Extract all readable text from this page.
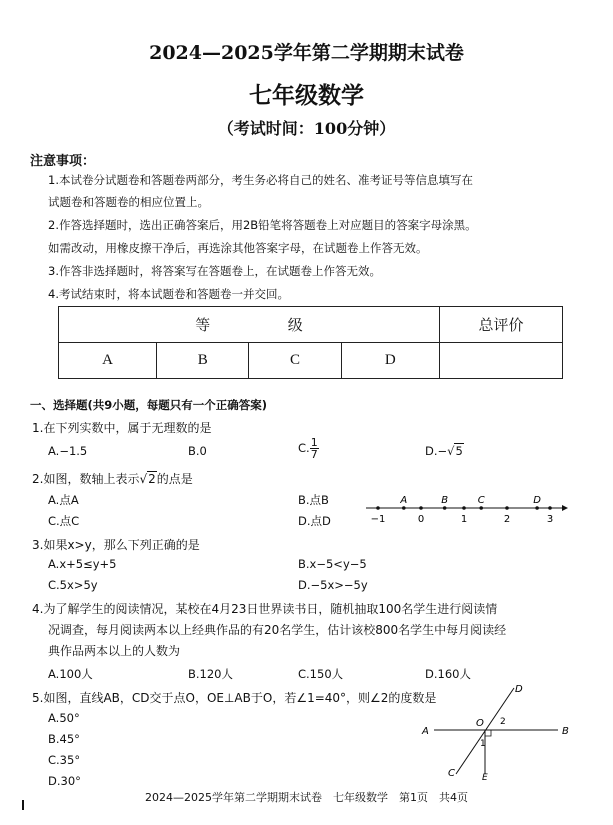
2024—2025学年第二学期期末试卷
七年级数学
（考试时间：100分钟）
注意事项：
1.本试卷分试题卷和答题卷两部分，考生务必将自己的姓名、准考证号等信息填写在
试题卷和答题卷的相应位置上。
2.作答选择题时，选出正确答案后，用2B铅笔将答题卷上对应题目的答案字母涂黑。
如需改动，用橡皮擦干净后，再选涂其他答案字母，在试题卷上作答无效。
3.作答非选择题时，将答案写在答题卷上，在试题卷上作答无效。
4.考试结束时，将本试题卷和答题卷一并交回。
等 级				总评价
A	B	C	D	
一、选择题(共9小题，每题只有一个正确答案)
1.在下列实数中，属于无理数的是
A.−1.5	B.0	C. $\frac{1}{7}$	D.−√5
2.如图，数轴上表示√2的点是
A.点A	B.点B
C.点C	D.点D	−1	0	1	2	3
A	B	C	D
3.如果x>y，那么下列正确的是
A.x+5≤y+5	B.x−5<y−5
C.5x>5y	D.−5x>−5y
4.为了解学生的阅读情况，某校在4月23日世界读书日，随机抽取100名学生进行阅读情
况调查，每月阅读两本以上经典作品的有20名学生，估计该校800名学生中每月阅读经
典作品两本以上的人数为
A.100人	B.120人	C.150人	D.160人
5.如图，直线AB，CD交于点O，OE⊥AB于O，若∠1=40°，则∠2的度数是
A.50°
B.45°
C.35°
D.30°
A	B
C
D
E
O
1
2
2024—2025学年第二学期期末试卷　七年级数学　第1页　共4页
